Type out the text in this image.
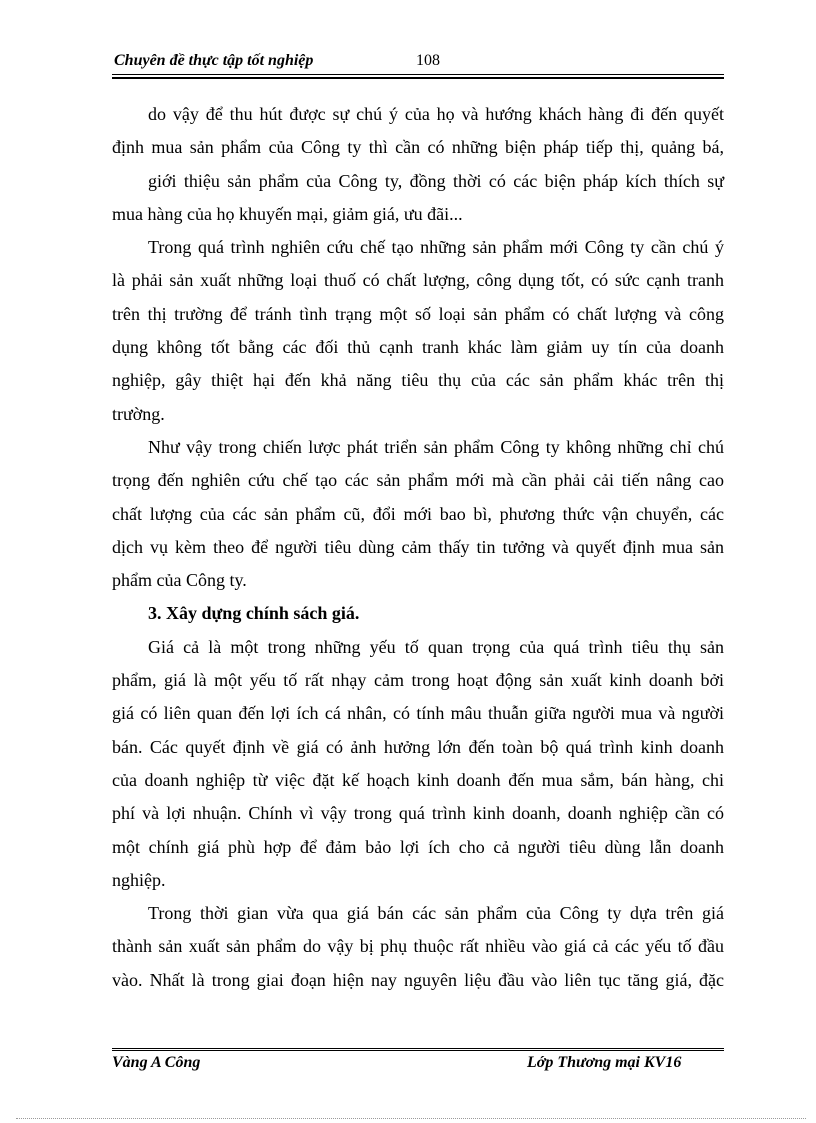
Chuyên đề thực tập tốt nghiệp	108
do vậy để thu hút được sự chú ý của họ và hướng khách hàng đi đến quyết
định mua sản phẩm của Công ty thì cần có những biện pháp tiếp thị, quảng bá,
giới thiệu sản phẩm của Công ty, đồng thời có các biện pháp kích thích sự
mua hàng của họ khuyến mại, giảm giá, ưu đãi...
Trong quá trình nghiên cứu chế tạo những sản phẩm mới Công ty cần chú ý
là phải sản xuất những loại thuố có chất lượng, công dụng tốt, có sức cạnh tranh
trên thị trường để tránh tình trạng một số loại sản phẩm có chất lượng và công
dụng không tốt bằng các đối thủ cạnh tranh khác làm giảm uy tín của doanh
nghiệp, gây thiệt hại đến khả năng tiêu thụ của các sản phẩm khác trên thị
trường.
Như vậy trong chiến lược phát triển sản phẩm Công ty không những chỉ chú
trọng đến nghiên cứu chế tạo các sản phẩm mới mà cần phải cải tiến nâng cao
chất lượng của các sản phẩm cũ, đổi mới bao bì, phương thức vận chuyển, các
dịch vụ kèm theo để người tiêu dùng cảm thấy tin tưởng và quyết định mua sản
phẩm của Công ty.
3. Xây dựng chính sách giá.
Giá cả là một trong những yếu tố quan trọng của quá trình tiêu thụ sản
phẩm, giá là một yếu tố rất nhạy cảm trong hoạt động sản xuất kinh doanh bởi
giá có liên quan đến lợi ích cá nhân, có tính mâu thuẫn giữa người mua và người
bán. Các quyết định về giá có ảnh hưởng lớn đến toàn bộ quá trình kinh doanh
của doanh nghiệp từ việc đặt kế hoạch kinh doanh đến mua sắm, bán hàng, chi
phí và lợi nhuận. Chính vì vậy trong quá trình kinh doanh, doanh nghiệp cần có
một chính giá phù hợp để đảm bảo lợi ích cho cả người tiêu dùng lẫn doanh
nghiệp.
Trong thời gian vừa qua giá bán các sản phẩm của Công ty dựa trên giá
thành sản xuất sản phẩm do vậy bị phụ thuộc rất nhiều vào giá cả các yếu tố đầu
vào. Nhất là trong giai đoạn hiện nay nguyên liệu đầu vào liên tục tăng giá, đặc
Vàng A Công	Lớp Thương mại KV16
